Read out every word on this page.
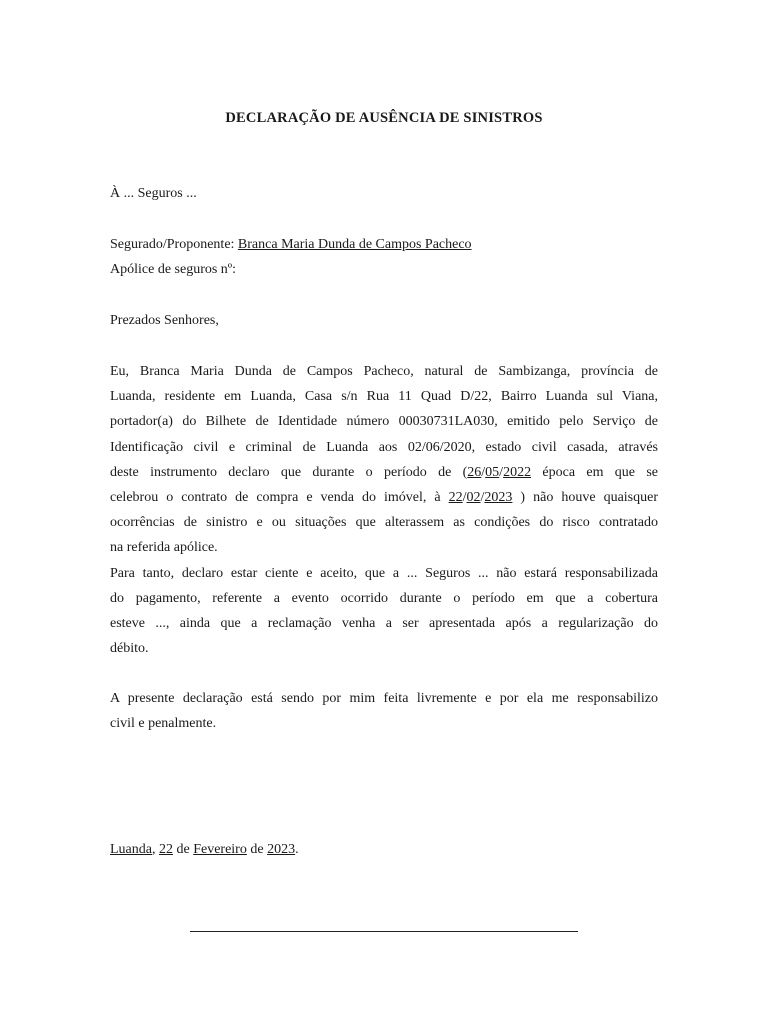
DECLARAÇÃO DE AUSÊNCIA DE SINISTROS
À ... Seguros ...
Segurado/Proponente: Branca Maria Dunda de Campos Pacheco
Apólice de seguros nº:
Prezados Senhores,
Eu, Branca Maria Dunda de Campos Pacheco, natural de Sambizanga, província de
Luanda, residente em Luanda, Casa s/n Rua 11 Quad D/22, Bairro Luanda sul Viana,
portador(a) do Bilhete de Identidade número 00030731LA030, emitido pelo Serviço de
Identificação civil e criminal de Luanda aos 02/06/2020, estado civil casada, através
deste instrumento declaro que durante o período de (26/05/2022 época em que se
celebrou o contrato de compra e venda do imóvel, à 22/02/2023 ) não houve quaisquer
ocorrências de sinistro e ou situações que alterassem as condições do risco contratado
na referida apólice.
Para tanto, declaro estar ciente e aceito, que a ... Seguros ... não estará responsabilizada
do pagamento, referente a evento ocorrido durante o período em que a cobertura
esteve ..., ainda que a reclamação venha a ser apresentada após a regularização do
débito.
A presente declaração está sendo por mim feita livremente e por ela me responsabilizo
civil e penalmente.
Luanda, 22 de Fevereiro de 2023.
